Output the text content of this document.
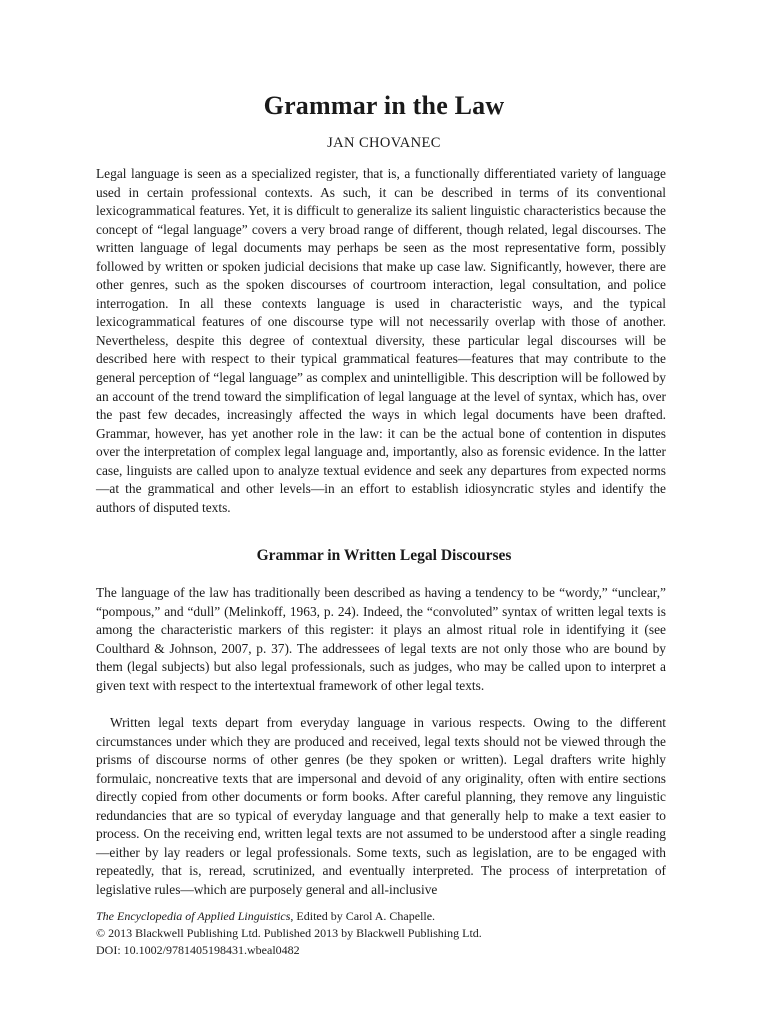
Grammar in the Law
JAN CHOVANEC

Legal language is seen as a specialized register, that is, a functionally differentiated variety of language used in certain professional contexts. As such, it can be described in terms of its conventional lexicogrammatical features. Yet, it is difficult to generalize its salient linguistic characteristics because the concept of “legal language” covers a very broad range of different, though related, legal discourses. The written language of legal documents may perhaps be seen as the most representative form, possibly followed by written or spoken judicial decisions that make up case law. Significantly, however, there are other genres, such as the spoken discourses of courtroom interaction, legal consultation, and police interrogation. In all these contexts language is used in characteristic ways, and the typical lexicogrammatical features of one discourse type will not necessarily overlap with those of another. Nevertheless, despite this degree of contextual diversity, these particular legal discourses will be described here with respect to their typical grammatical features—features that may contribute to the general perception of “legal language” as complex and unintelligible. This description will be followed by an account of the trend toward the simplification of legal language at the level of syntax, which has, over the past few decades, increasingly affected the ways in which legal documents have been drafted. Grammar, however, has yet another role in the law: it can be the actual bone of contention in disputes over the interpretation of complex legal language and, importantly, also as forensic evidence. In the latter case, linguists are called upon to analyze textual evidence and seek any departures from expected norms—at the grammatical and other levels—in an effort to establish idiosyncratic styles and identify the authors of disputed texts.

Grammar in Written Legal Discourses

The language of the law has traditionally been described as having a tendency to be “wordy,” “unclear,” “pompous,” and “dull” (Melinkoff, 1963, p. 24). Indeed, the “convoluted” syntax of written legal texts is among the characteristic markers of this register: it plays an almost ritual role in identifying it (see Coulthard & Johnson, 2007, p. 37). The addressees of legal texts are not only those who are bound by them (legal subjects) but also legal professionals, such as judges, who may be called upon to interpret a given text with respect to the intertextual framework of other legal texts.

Written legal texts depart from everyday language in various respects. Owing to the different circumstances under which they are produced and received, legal texts should not be viewed through the prisms of discourse norms of other genres (be they spoken or written). Legal drafters write highly formulaic, noncreative texts that are impersonal and devoid of any originality, often with entire sections directly copied from other documents or form books. After careful planning, they remove any linguistic redundancies that are so typical of everyday language and that generally help to make a text easier to process. On the receiving end, written legal texts are not assumed to be understood after a single reading—either by lay readers or legal professionals. Some texts, such as legislation, are to be engaged with repeatedly, that is, reread, scrutinized, and eventually interpreted. The process of interpretation of legislative rules—which are purposely general and all-inclusive

The Encyclopedia of Applied Linguistics, Edited by Carol A. Chapelle.
© 2013 Blackwell Publishing Ltd. Published 2013 by Blackwell Publishing Ltd.
DOI: 10.1002/9781405198431.wbeal0482
